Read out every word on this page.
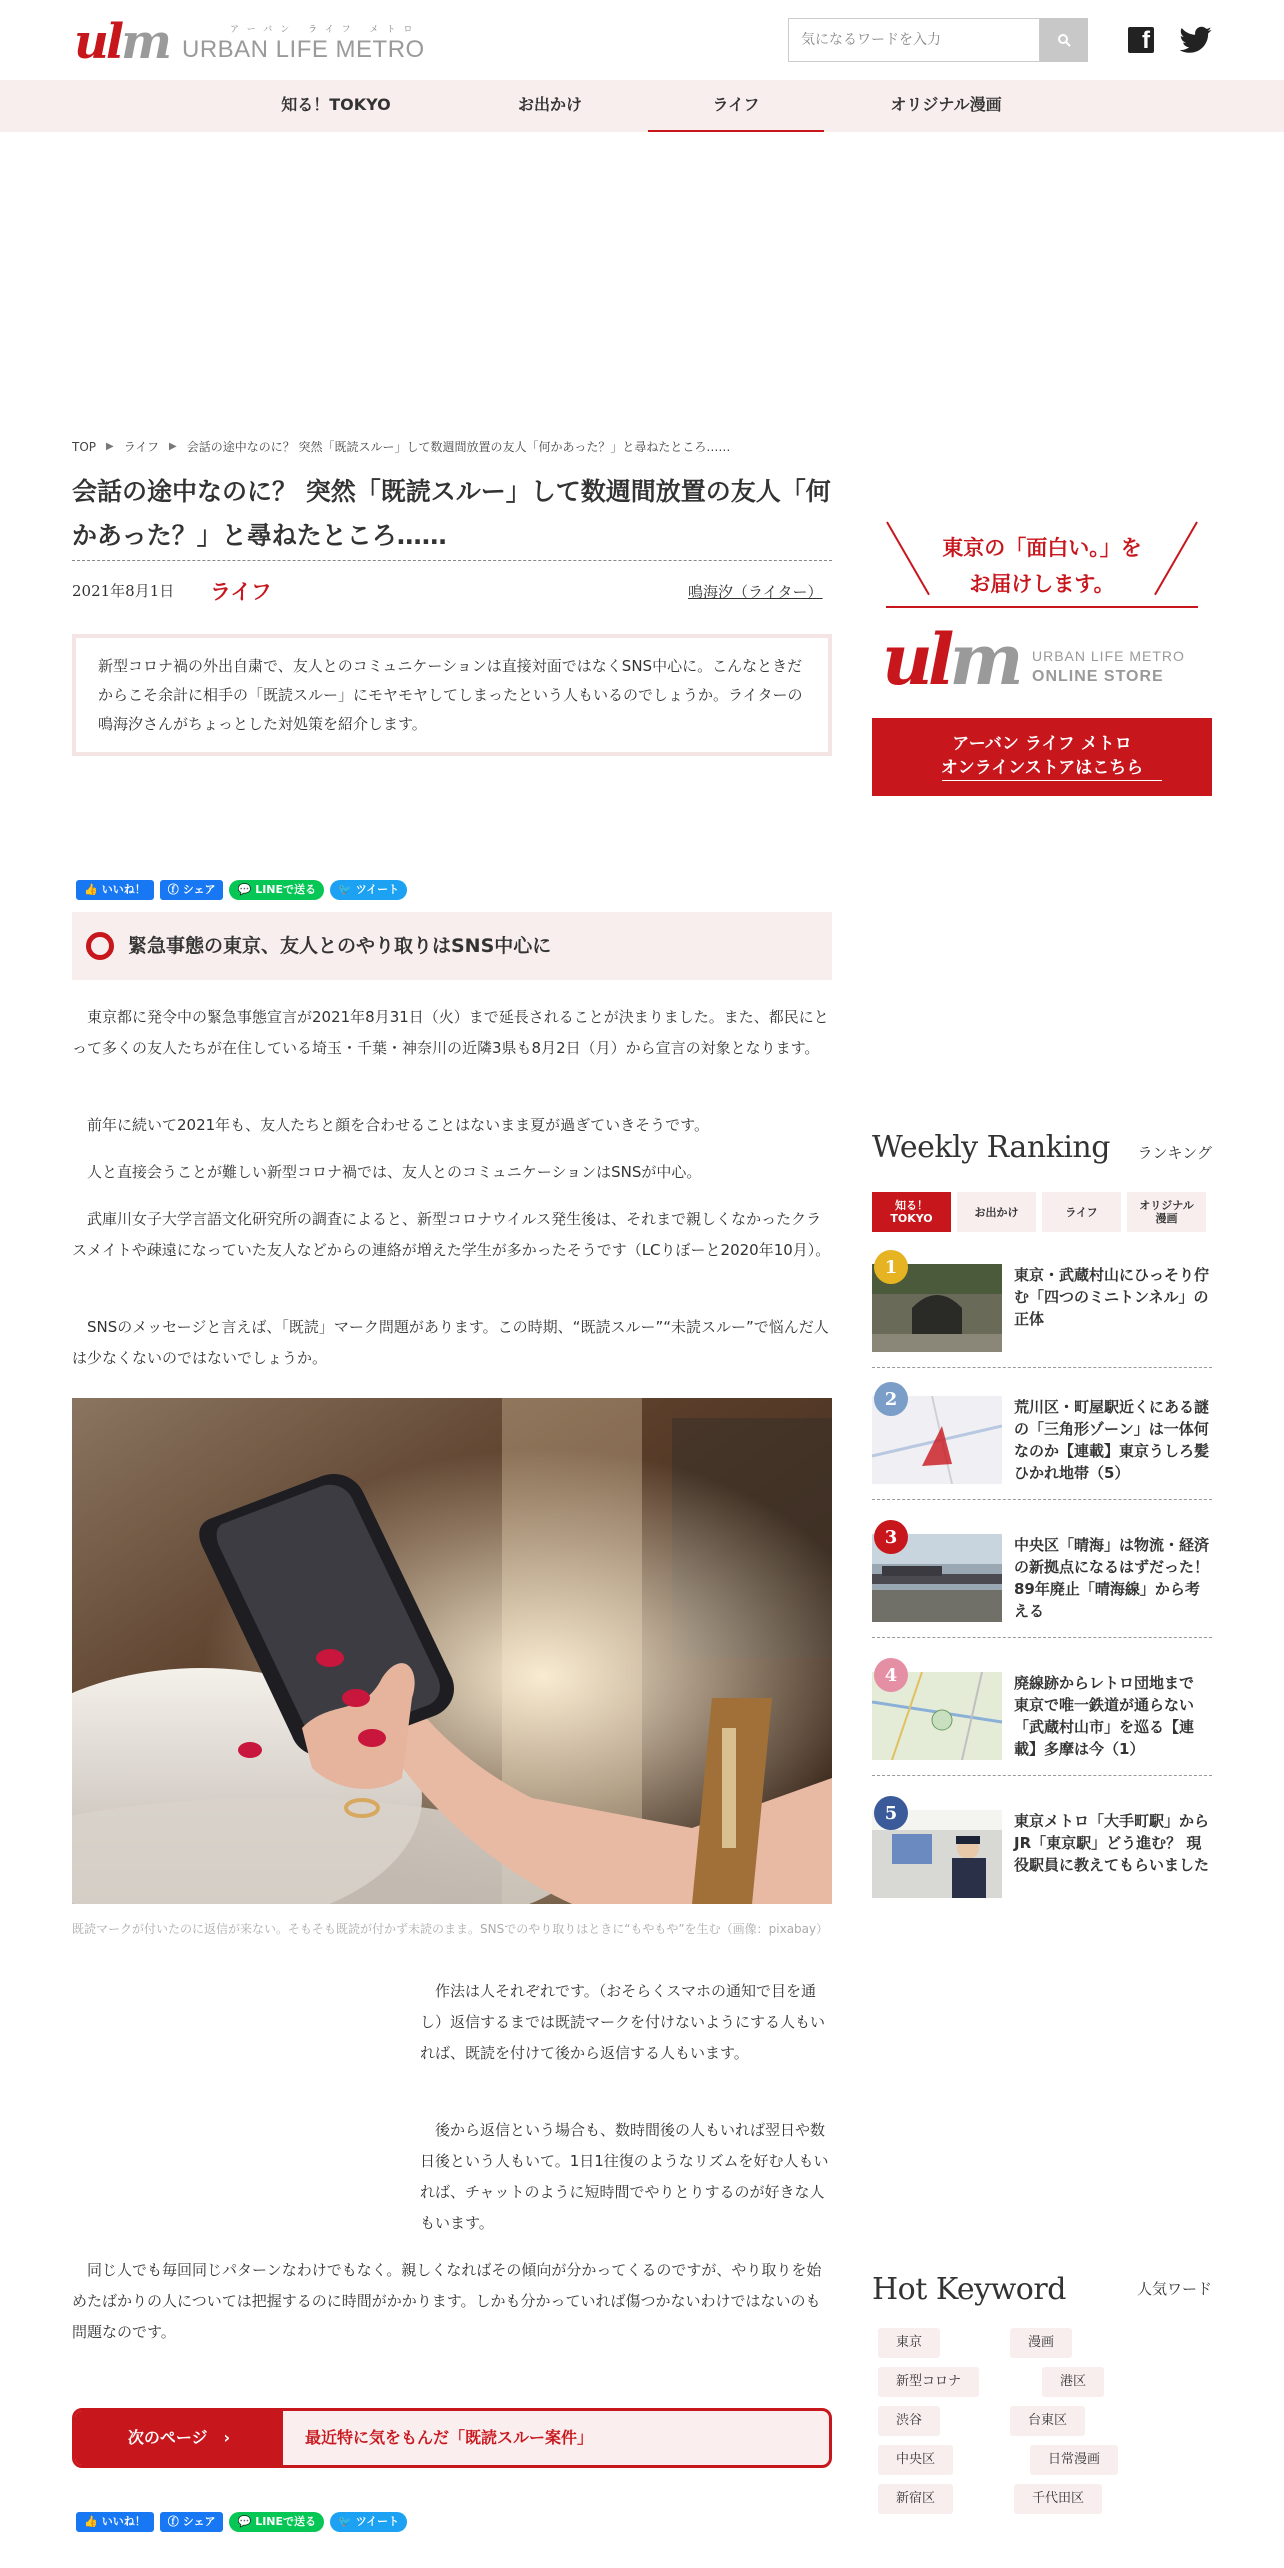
ulm	アーバン ライフ メトロ
URBAN LIFE METRO
気になるワードを入力	f
知る！TOKYO	お出かけ	ライフ	オリジナル漫画
TOP ▶ ライフ ▶ 会話の途中なのに？ 突然「既読スルー」して数週間放置の友人「何かあった？」と尋ねたところ……
会話の途中なのに？ 突然「既読スルー」して数週間放置の友人「何かあった？」と尋ねたところ……
2021年8月1日 ライフ	鳴海汐（ライター）
新型コロナ禍の外出自粛で、友人とのコミュニケーションは直接対面ではなくSNS中心に。こんなときだからこそ余計に相手の「既読スルー」にモヤモヤしてしまったという人もいるのでしょうか。ライターの鳴海汐さんがちょっとした対処策を紹介します。
👍 いいね！ ⓕ シェア 💬 LINEで送る 🐦 ツイート
緊急事態の東京、友人とのやり取りはSNS中心に

東京都に発令中の緊急事態宣言が2021年8月31日（火）まで延長されることが決まりました。また、都民にとって多くの友人たちが在住している埼玉・千葉・神奈川の近隣3県も8月2日（月）から宣言の対象となります。

前年に続いて2021年も、友人たちと顔を合わせることはないまま夏が過ぎていきそうです。

人と直接会うことが難しい新型コロナ禍では、友人とのコミュニケーションはSNSが中心。

武庫川女子大学言語文化研究所の調査によると、新型コロナウイルス発生後は、それまで親しくなかったクラスメイトや疎遠になっていた友人などからの連絡が増えた学生が多かったそうです（LCりぼーと2020年10月）。

SNSのメッセージと言えば、「既読」マーク問題があります。この時期、“既読スルー”“未読スルー”で悩んだ人は少なくないのではないでしょうか。

既読マークが付いたのに返信が来ない。そもそも既読が付かず未読のまま。SNSでのやり取りはときに“もやもや”を生む（画像：pixabay）

作法は人それぞれです。（おそらくスマホの通知で目を通し）返信するまでは既読マークを付けないようにする人もいれば、既読を付けて後から返信する人もいます。

後から返信という場合も、数時間後の人もいれば翌日や数日後という人もいて。1日1往復のようなリズムを好む人もいれば、チャットのように短時間でやりとりするのが好きな人もいます。

同じ人でも毎回同じパターンなわけでもなく。親しくなればその傾向が分かってくるのですが、やり取りを始めたばかりの人については把握するのに時間がかかります。しかも分かっていれば傷つかないわけではないのも問題なのです。

次のページ　 ›	最近特に気をもんだ「既読スルー案件」
👍 いいね！ ⓕ シェア 💬 LINEで送る 🐦 ツイート
東京の「面白い。」を
お届けします。
ulm URBAN LIFE METRO
ONLINE STORE
アーバン ライフ メトロ
オンラインストアはこちら
Weekly Ranking ランキング
知る！
TOKYO	お出かけ	ライフ	オリジナル
漫画
1	東京・武蔵村山にひっそり佇む「四つのミニトンネル」の正体
2	荒川区・町屋駅近くにある謎の「三角形ゾーン」は一体何なのか【連載】東京うしろ髪ひかれ地帯（5）
3	中央区「晴海」は物流・経済の新拠点になるはずだった！ 89年廃止「晴海線」から考える
4	廃線跡からレトロ団地まで　東京で唯一鉄道が通らない「武蔵村山市」を巡る【連載】多摩は今（1）
5	東京メトロ「大手町駅」からJR「東京駅」どう進む？ 現役駅員に教えてもらいました
Hot Keyword	人気ワード
東京	漫画
新型コロナ	港区
渋谷	台東区
中央区	日常漫画
新宿区	千代田区
